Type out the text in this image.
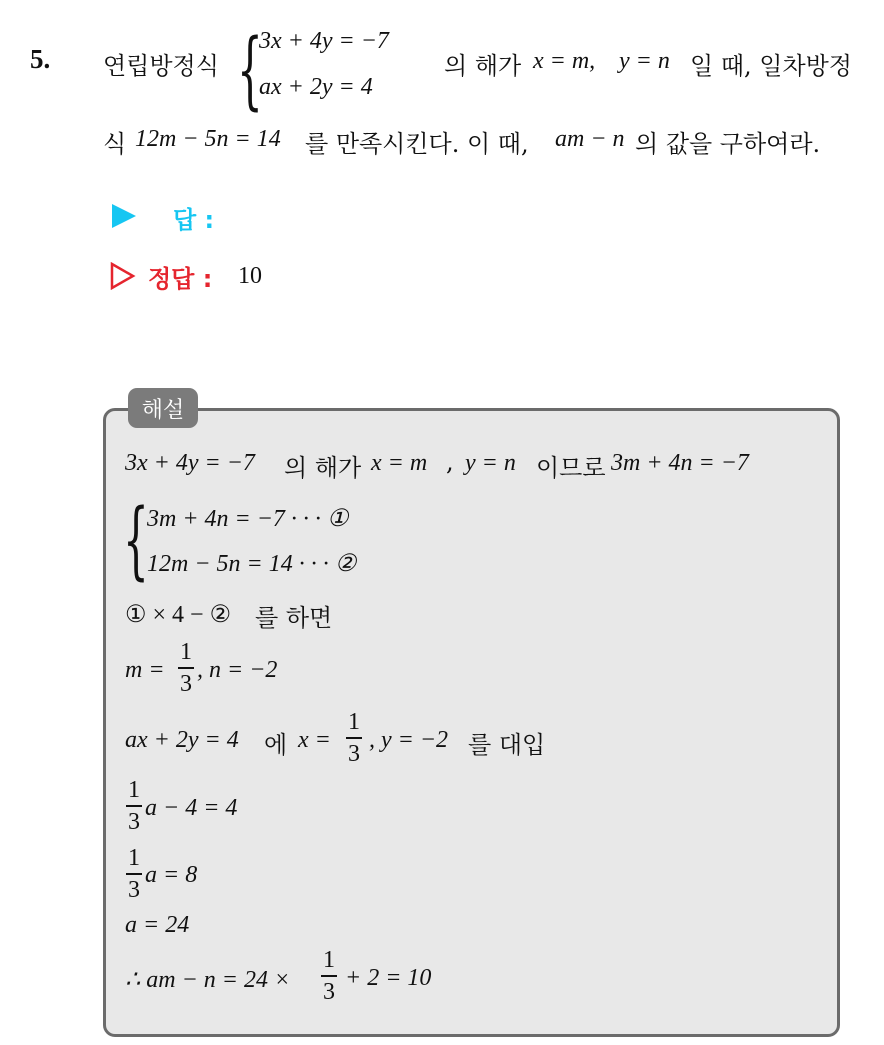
5. 연립방정식 {
3x + 4y = −7
ax + 2y = 4
의 해가 x = m, y = n 일 때, 일차방정
식 12m − 5n = 14 를 만족시킨다. 이 때, am − n 의 값을 구하여라.
답 :
정답 : 10
해설
3x + 4y = −7 의 해가 x = m , y = n 이므로 3m + 4n = −7
{
3m + 4n = −7 · · · ①
12m − 5n = 14 · · · ②
① × 4 − ② 를 하면
m =
1
3
, n = −2
ax + 2y = 4 에 x =
1
3
, y = −2 를 대입
1
3
a − 4 = 4
1
3
a = 8
a = 24
∴ am − n = 24 ×
1
3
+ 2 = 10
